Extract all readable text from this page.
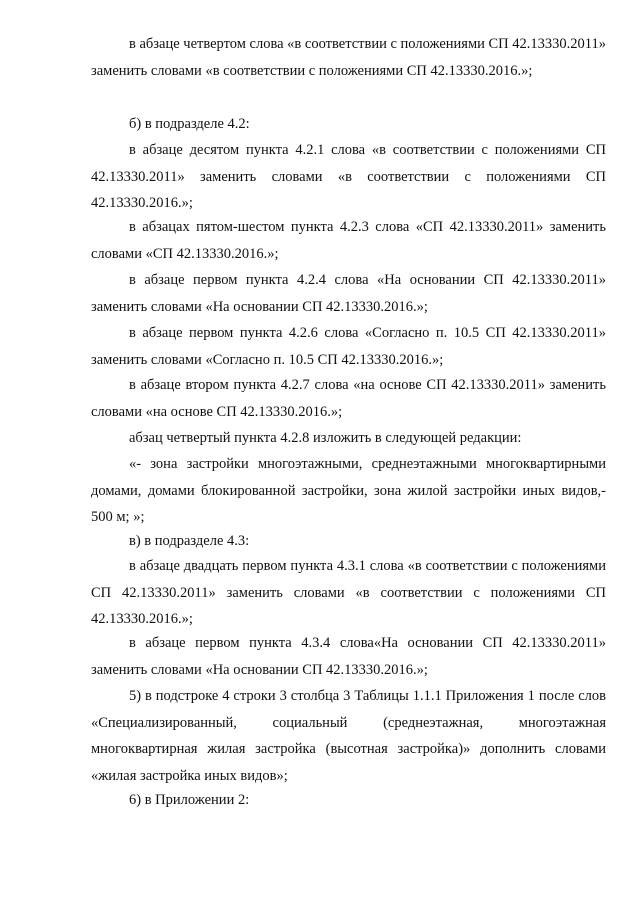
в абзаце четвертом слова «в соответствии с положениями СП 42.13330.2011» заменить словами «в соответствии с положениями СП 42.13330.2016.»;

б) в подразделе 4.2:

в абзаце десятом пункта 4.2.1 слова «в соответствии с положениями СП 42.13330.2011» заменить словами «в соответствии с положениями СП 42.13330.2016.»;

в абзацах пятом-шестом пункта 4.2.3 слова «СП 42.13330.2011» заменить словами «СП 42.13330.2016.»;

в абзаце первом пункта 4.2.4 слова «На основании СП 42.13330.2011» заменить словами «На основании СП 42.13330.2016.»;

в абзаце первом пункта 4.2.6 слова «Согласно п. 10.5 СП 42.13330.2011» заменить словами «Согласно п. 10.5 СП 42.13330.2016.»;

в абзаце втором пункта 4.2.7 слова «на основе СП 42.13330.2011» заменить словами «на основе СП 42.13330.2016.»;

абзац четвертый пункта 4.2.8 изложить в следующей редакции:

«- зона застройки многоэтажными, среднеэтажными многоквартирными домами, домами блокированной застройки, зона жилой застройки иных видов,- 500 м; »;

в) в подразделе 4.3:

в абзаце двадцать первом пункта 4.3.1 слова «в соответствии с положениями СП 42.13330.2011» заменить словами «в соответствии с положениями СП 42.13330.2016.»;

в абзаце первом пункта 4.3.4 слова«На основании СП 42.13330.2011» заменить словами «На основании СП 42.13330.2016.»;

5) в подстроке 4 строки 3 столбца 3 Таблицы 1.1.1 Приложения 1 после слов «Специализированный, социальный (среднеэтажная, многоэтажная многоквартирная жилая застройка (высотная застройка)» дополнить словами «жилая застройка иных видов»;

6) в Приложении 2:
